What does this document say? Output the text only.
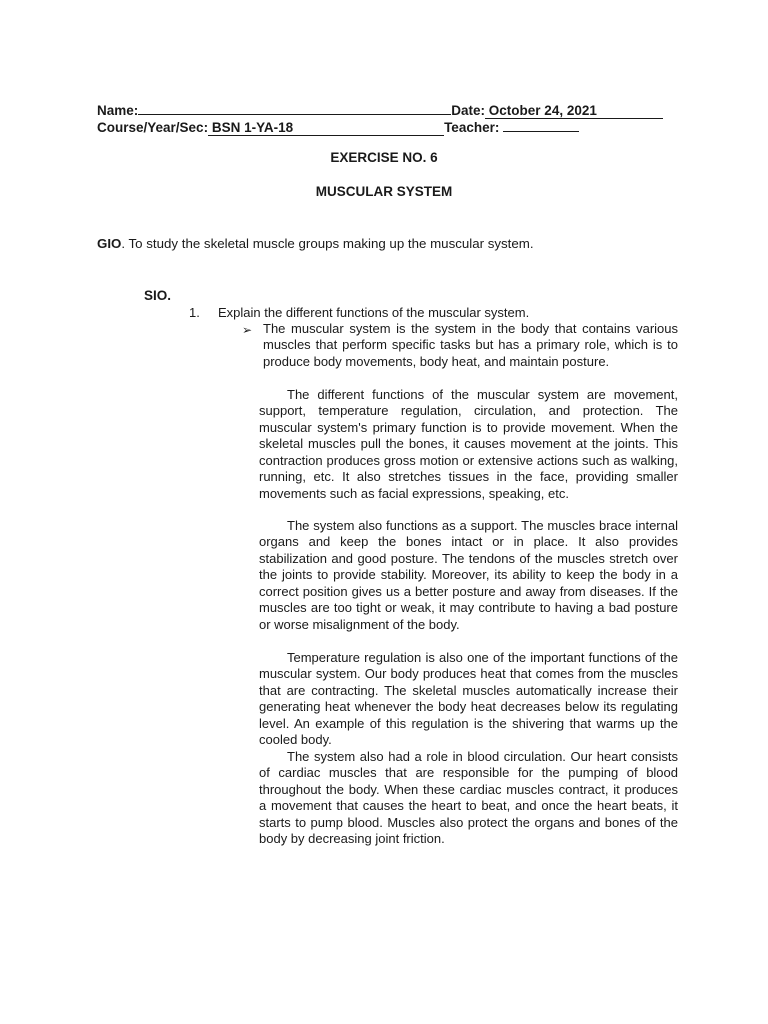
Name:	Date: October 24, 2021
Course/Year/Sec: BSN 1-YA-18	Teacher:
EXERCISE NO. 6
MUSCULAR SYSTEM
GIO. To study the skeletal muscle groups making up the muscular system.
SIO.
1. Explain the different functions of the muscular system.
➢ The muscular system is the system in the body that contains various muscles that perform specific tasks but has a primary role, which is to produce body movements, body heat, and maintain posture.

The different functions of the muscular system are movement, support, temperature regulation, circulation, and protection. The muscular system's primary function is to provide movement. When the skeletal muscles pull the bones, it causes movement at the joints. This contraction produces gross motion or extensive actions such as walking, running, etc. It also stretches tissues in the face, providing smaller movements such as facial expressions, speaking, etc.

The system also functions as a support. The muscles brace internal organs and keep the bones intact or in place. It also provides stabilization and good posture. The tendons of the muscles stretch over the joints to provide stability. Moreover, its ability to keep the body in a correct position gives us a better posture and away from diseases. If the muscles are too tight or weak, it may contribute to having a bad posture or worse misalignment of the body.

Temperature regulation is also one of the important functions of the muscular system. Our body produces heat that comes from the muscles that are contracting. The skeletal muscles automatically increase their generating heat whenever the body heat decreases below its regulating level. An example of this regulation is the shivering that warms up the cooled body.

The system also had a role in blood circulation. Our heart consists of cardiac muscles that are responsible for the pumping of blood throughout the body. When these cardiac muscles contract, it produces a movement that causes the heart to beat, and once the heart beats, it starts to pump blood. Muscles also protect the organs and bones of the body by decreasing joint friction.
